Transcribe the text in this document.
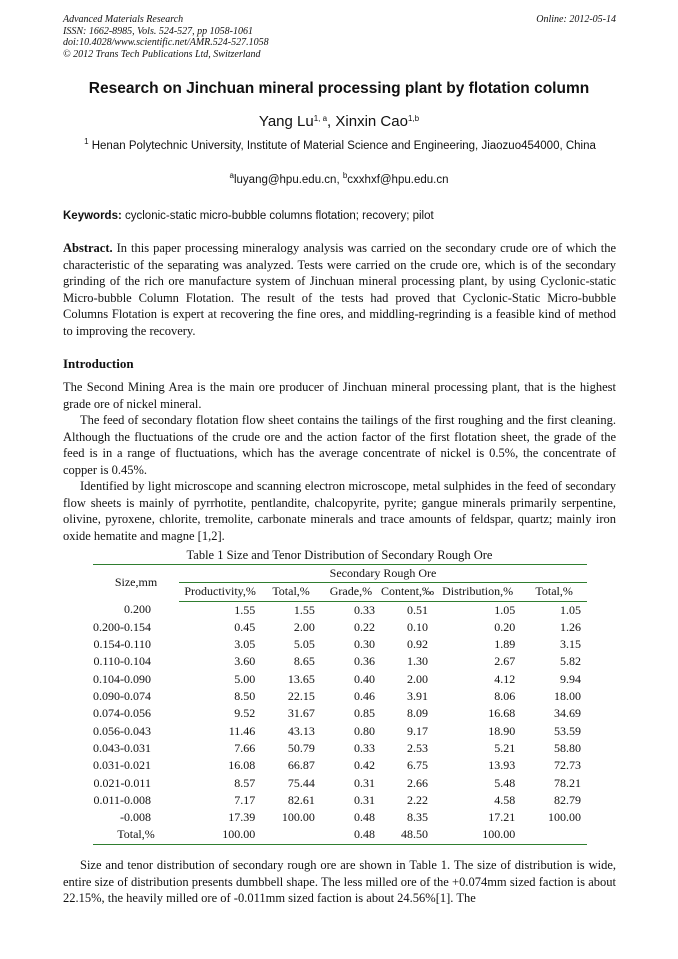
Advanced Materials Research
ISSN: 1662-8985, Vols. 524-527, pp 1058-1061
doi:10.4028/www.scientific.net/AMR.524-527.1058
© 2012 Trans Tech Publications Ltd, Switzerland
Online: 2012-05-14
Research on Jinchuan mineral processing plant by flotation column
Yang Lu$^{1, a}$, Xinxin Cao$^{1,b}$
$^1$ Henan Polytechnic University, Institute of Material Science and Engineering, Jiaozuo454000, China
$^a$luyang@hpu.edu.cn, $^b$cxxhxf@hpu.edu.cn
Keywords: cyclonic-static micro-bubble columns flotation; recovery; pilot

Abstract. In this paper processing mineralogy analysis was carried on the secondary crude ore of which the characteristic of the separating was analyzed. Tests were carried on the crude ore, which is of the secondary grinding of the rich ore manufacture system of Jinchuan mineral processing plant, by using Cyclonic-static Micro-bubble Column Flotation. The result of the tests had proved that Cyclonic-Static Micro-bubble Columns Flotation is expert at recovering the fine ores, and middling-regrinding is a feasible kind of method to improving the recovery.

Introduction

The Second Mining Area is the main ore producer of Jinchuan mineral processing plant, that is the highest grade ore of nickel mineral.

The feed of secondary flotation flow sheet contains the tailings of the first roughing and the first cleaning. Although the fluctuations of the crude ore and the action factor of the first flotation sheet, the grade of the feed is in a range of fluctuations, which has the average concentrate of nickel is 0.5%, the concentrate of copper is 0.45%.

Identified by light microscope and scanning electron microscope, metal sulphides in the feed of secondary flow sheets is mainly of pyrrhotite, pentlandite, chalcopyrite, pyrite; gangue minerals primarily serpentine, olivine, pyroxene, chlorite, tremolite, carbonate minerals and trace amounts of feldspar, quartz; mainly iron oxide hematite and magne [1,2].

Table 1 Size and Tenor Distribution of Secondary Rough Ore
Size,mm	Secondary Rough Ore					
	Productivity,%	Total,%	Grade,%	Content,‰	Distribution,%	Total,%
0.200	1.55	1.55	0.33	0.51	1.05	1.05
0.200-0.154	0.45	2.00	0.22	0.10	0.20	1.26
0.154-0.110	3.05	5.05	0.30	0.92	1.89	3.15
0.110-0.104	3.60	8.65	0.36	1.30	2.67	5.82
0.104-0.090	5.00	13.65	0.40	2.00	4.12	9.94
0.090-0.074	8.50	22.15	0.46	3.91	8.06	18.00
0.074-0.056	9.52	31.67	0.85	8.09	16.68	34.69
0.056-0.043	11.46	43.13	0.80	9.17	18.90	53.59
0.043-0.031	7.66	50.79	0.33	2.53	5.21	58.80
0.031-0.021	16.08	66.87	0.42	6.75	13.93	72.73
0.021-0.011	8.57	75.44	0.31	2.66	5.48	78.21
0.011-0.008	7.17	82.61	0.31	2.22	4.58	82.79
-0.008	17.39	100.00	0.48	8.35	17.21	100.00
Total,%	100.00		0.48	48.50	100.00	

Size and tenor distribution of secondary rough ore are shown in Table 1. The size of distribution is wide, entire size of distribution presents dumbbell shape. The less milled ore of the +0.074mm sized faction is about 22.15%, the heavily milled ore of -0.011mm sized faction is about 24.56%[1]. The
